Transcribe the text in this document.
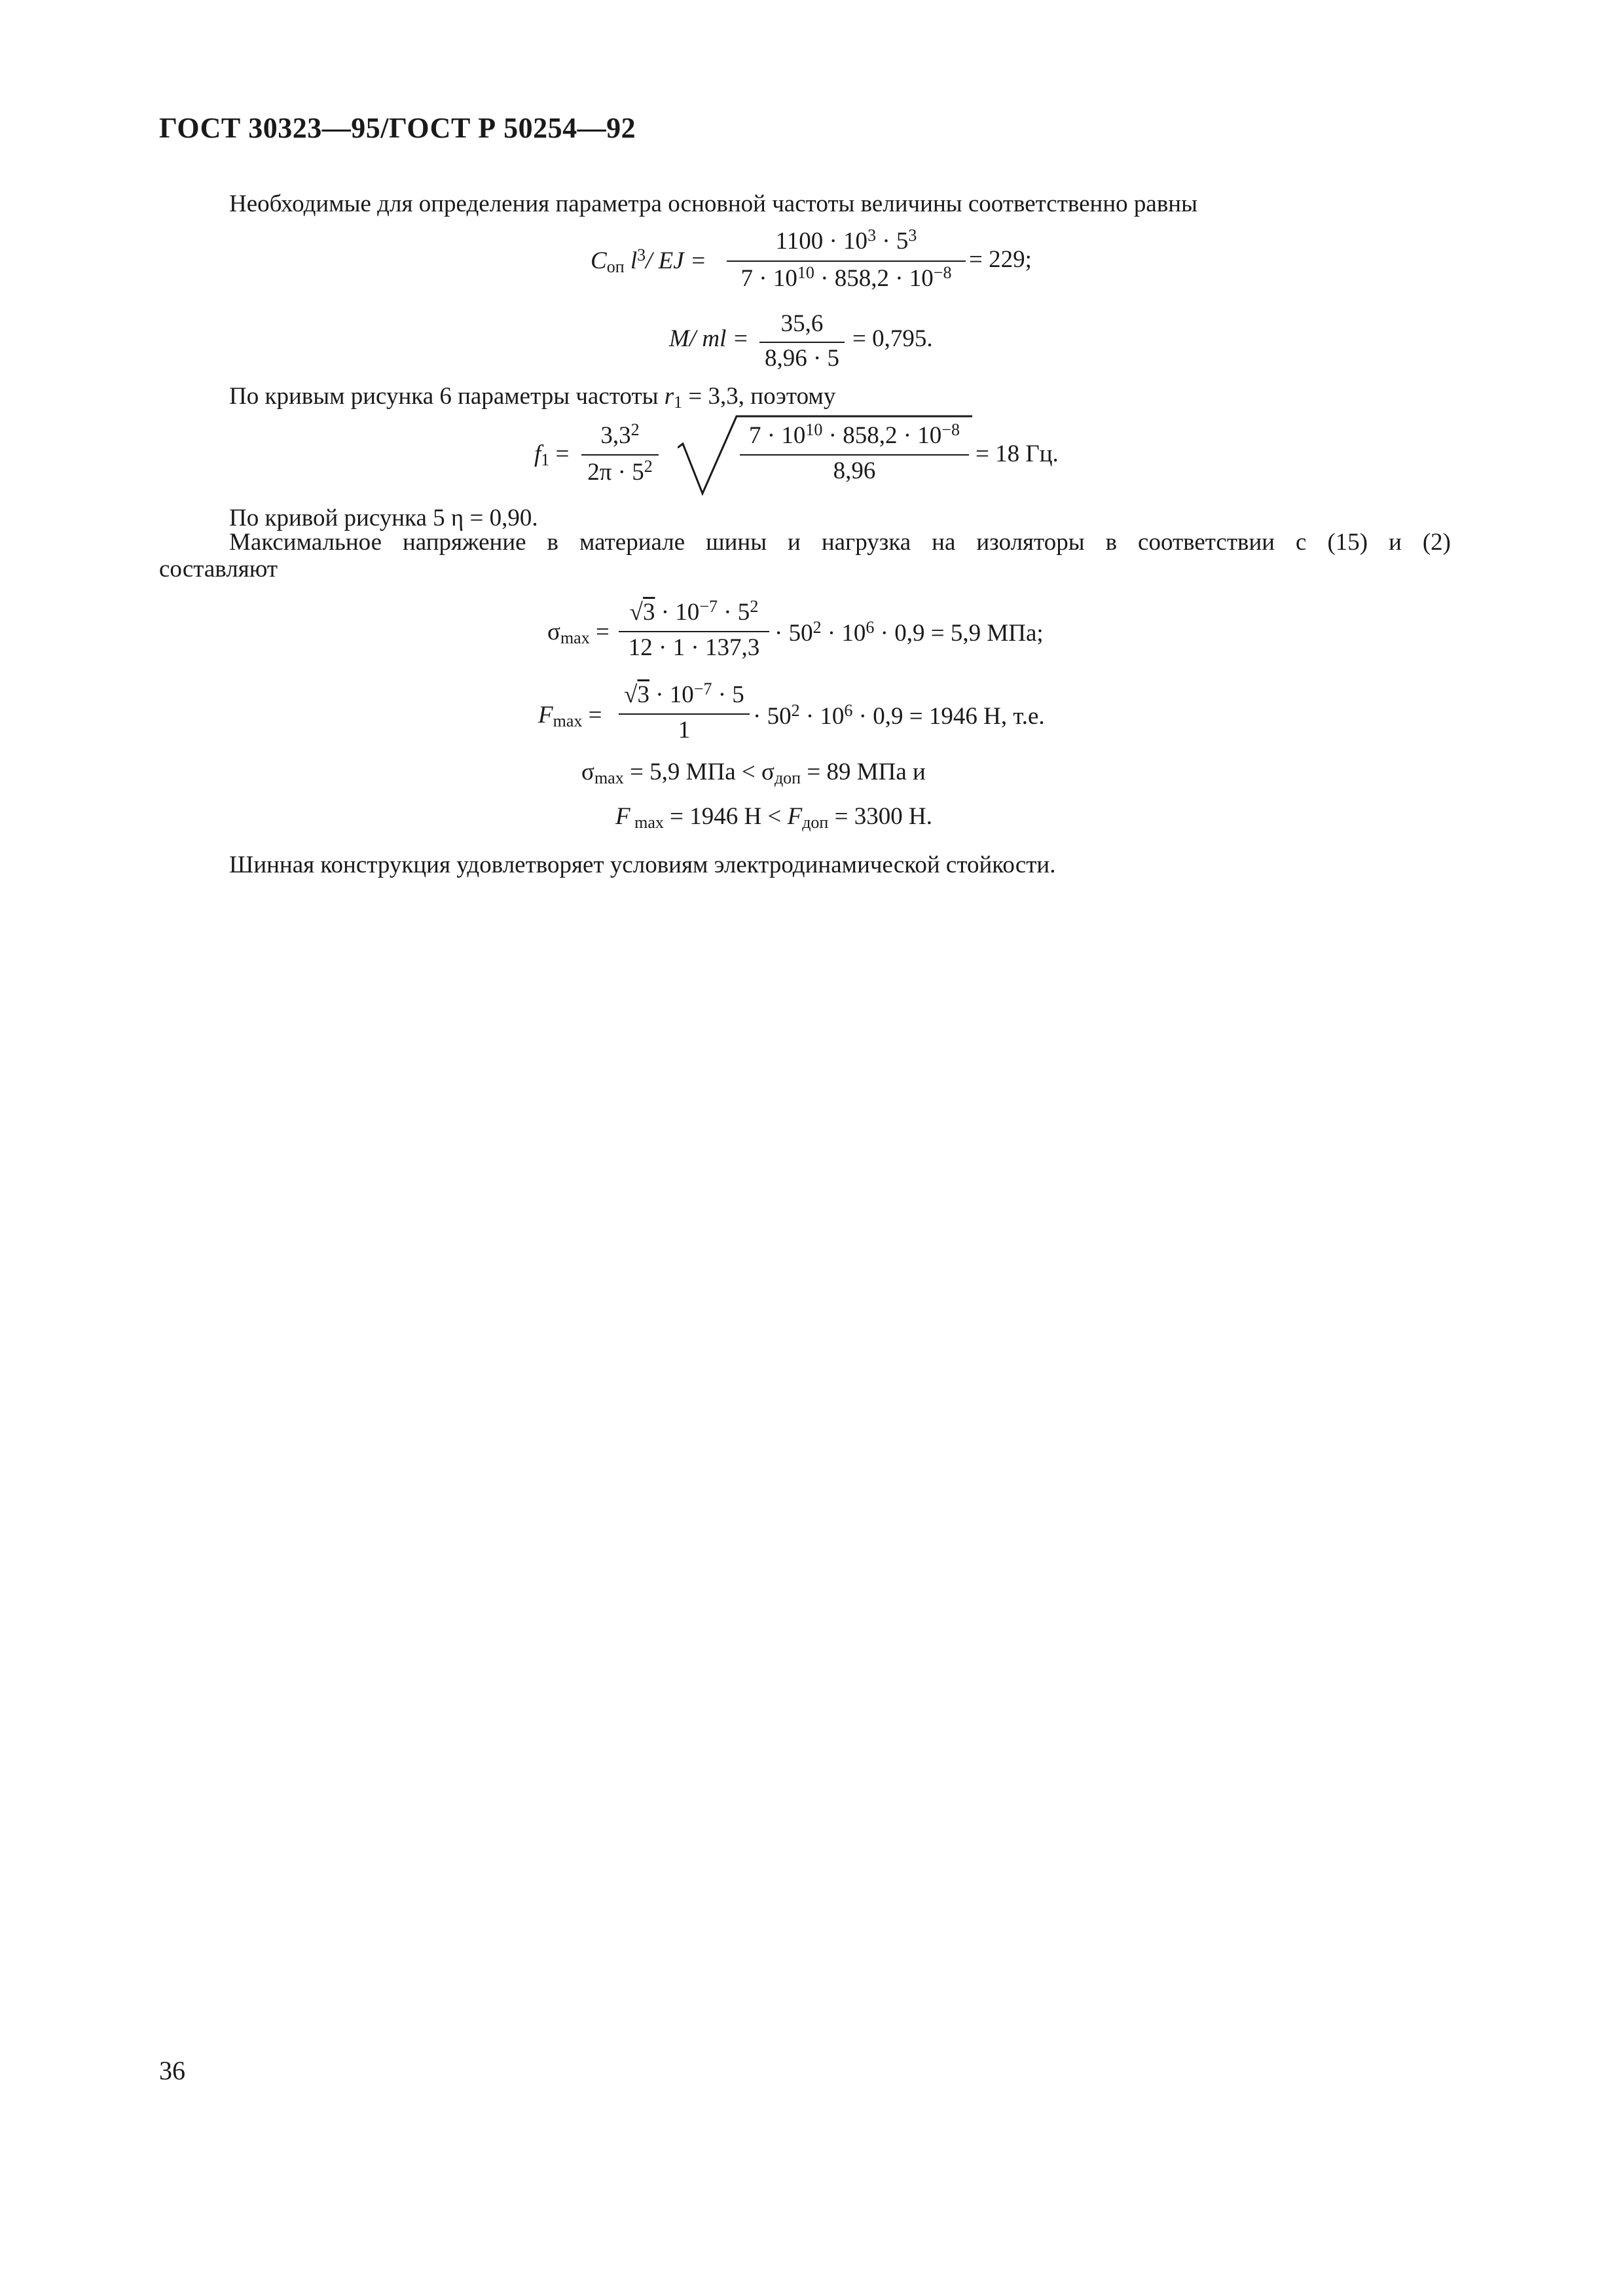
ГОСТ 30323—95/ГОСТ Р 50254—92
Необходимые для определения параметра основной частоты величины соответственно равны
$C_{оп}$ $l^3/$ EJ =
$1100 \cdot 10^3 \cdot 5^3$
$7 \cdot 10^{10} \cdot 858,2 \cdot 10^{-8} = 229$;
M/ ml =
35,6
8,96 · 5
= 0,795.
По кривым рисунка 6 параметры частоты $r_1 = 3,3$, поэтому
$f_1$ =
$3,3^2$
$2\pi \cdot 5^2$
$7 \cdot 10^{10} \cdot 858,2 \cdot 10^{-8}$
8,96
= 18 Гц.
По кривой рисунка 5 η = 0,90.
Максимальное напряжение в материале шины и нагрузка на изоляторы в соответствии с (15) и (2)
составляют
$\sigma_{max}$ =
$√3 \cdot 10^{-7} \cdot 5^2$
12 · 1 · 137,3
· $50^2 \cdot 10^6 \cdot 0,9 = 5,9$ МПа;
$F_{max}$ =
$√3 \cdot 10^{-7} \cdot 5$
1
· $50^2 \cdot 10^6 \cdot 0,9 = 1946$ Н, т.е.
$\sigma_{max} = 5,9$ МПа < $\sigma_{доп} = 89$ МПа и
F $_{max}$ = 1946 $Н < F_{доп} = 3300$ Н.
Шинная конструкция удовлетворяет условиям электродинамической стойкости.
36
